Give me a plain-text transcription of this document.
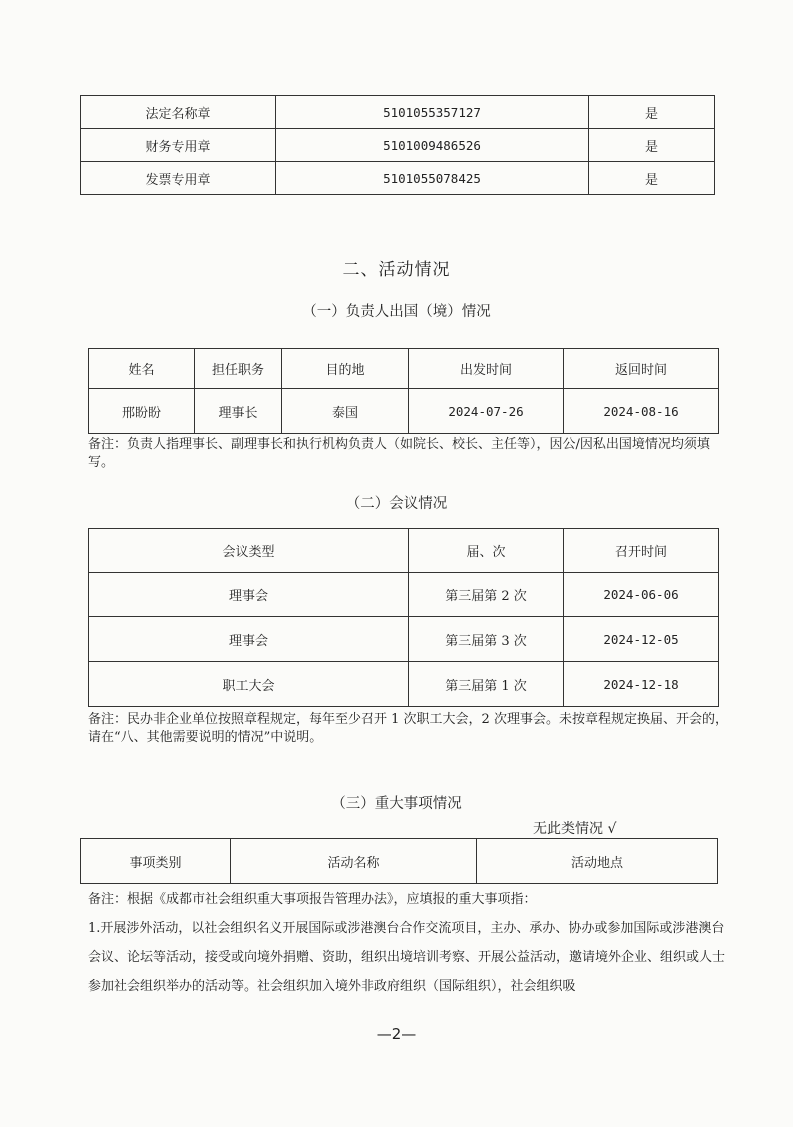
法定名称章	5101055357127	是
财务专用章	5101009486526	是
发票专用章	5101055078425	是
二、活动情况
（一）负责人出国（境）情况
姓名	担任职务	目的地	出发时间	返回时间
邢盼盼	理事长	泰国	2024-07-26	2024-08-16
备注：负责人指理事长、副理事长和执行机构负责人（如院长、校长、主任等），因公/因私出国境情况均须填写。
（二）会议情况
会议类型	届、次	召开时间
理事会	第三届第 2 次	2024-06-06
理事会	第三届第 3 次	2024-12-05
职工大会	第三届第 1 次	2024-12-18
备注：民办非企业单位按照章程规定，每年至少召开 1 次职工大会，2 次理事会。未按章程规定换届、开会的，请在“八、其他需要说明的情况”中说明。
（三）重大事项情况
无此类情况 √
事项类别	活动名称	活动地点
备注：根据《成都市社会组织重大事项报告管理办法》，应填报的重大事项指：
1.开展涉外活动，以社会组织名义开展国际或涉港澳台合作交流项目，主办、承办、协办或参加国际或涉港澳台会议、论坛等活动，接受或向境外捐赠、资助，组织出境培训考察、开展公益活动，邀请境外企业、组织或人士参加社会组织举办的活动等。社会组织加入境外非政府组织（国际组织），社会组织吸
—2—
